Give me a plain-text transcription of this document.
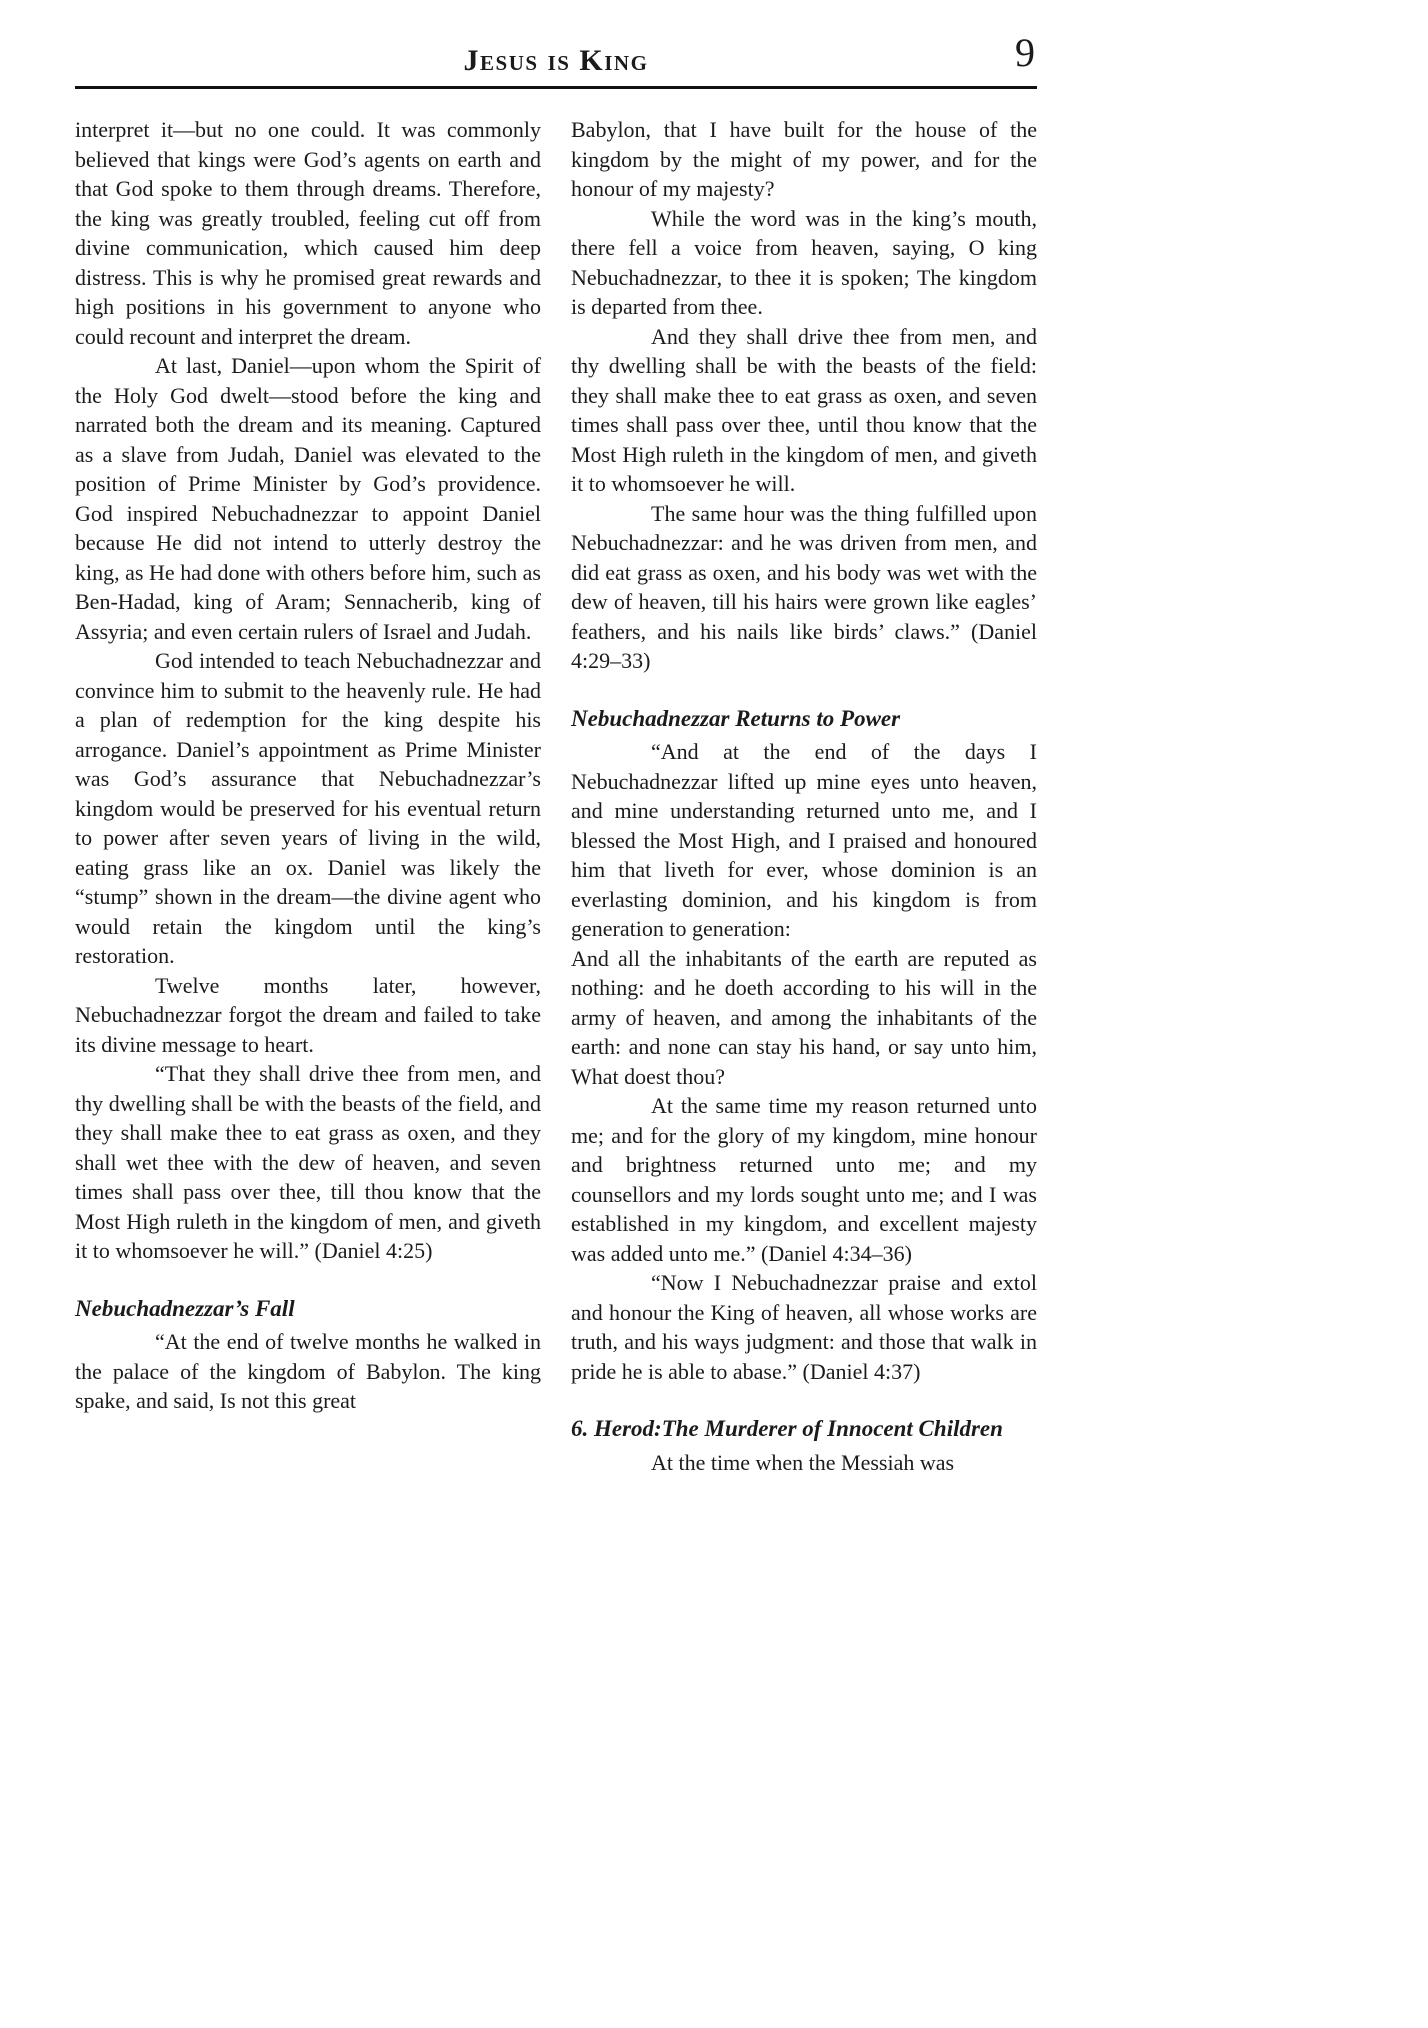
Jesus is King	9

interpret it—but no one could. It was commonly believed that kings were God’s agents on earth and that God spoke to them through dreams. Therefore, the king was greatly troubled, feeling cut off from divine communication, which caused him deep distress. This is why he promised great rewards and high positions in his government to anyone who could recount and interpret the dream.

At last, Daniel—upon whom the Spirit of the Holy God dwelt—stood before the king and narrated both the dream and its meaning. Captured as a slave from Judah, Daniel was elevated to the position of Prime Minister by God’s providence. God inspired Nebuchadnezzar to appoint Daniel because He did not intend to utterly destroy the king, as He had done with others before him, such as Ben-Hadad, king of Aram; Sennacherib, king of Assyria; and even certain rulers of Israel and Judah.

God intended to teach Nebuchadnezzar and convince him to submit to the heavenly rule. He had a plan of redemption for the king despite his arrogance. Daniel’s appointment as Prime Minister was God’s assurance that Nebuchadnezzar’s kingdom would be preserved for his eventual return to power after seven years of living in the wild, eating grass like an ox. Daniel was likely the “stump” shown in the dream—the divine agent who would retain the kingdom until the king’s restoration.

Twelve months later, however, Nebuchadnezzar forgot the dream and failed to take its divine message to heart.

“That they shall drive thee from men, and thy dwelling shall be with the beasts of the field, and they shall make thee to eat grass as oxen, and they shall wet thee with the dew of heaven, and seven times shall pass over thee, till thou know that the Most High ruleth in the kingdom of men, and giveth it to whomsoever he will.” (Daniel 4:25)

Nebuchadnezzar’s Fall

“At the end of twelve months he walked in the palace of the kingdom of Babylon. The king spake, and said, Is not this great

Babylon, that I have built for the house of the kingdom by the might of my power, and for the honour of my majesty?

While the word was in the king’s mouth, there fell a voice from heaven, saying, O king Nebuchadnezzar, to thee it is spoken; The kingdom is departed from thee.

And they shall drive thee from men, and thy dwelling shall be with the beasts of the field: they shall make thee to eat grass as oxen, and seven times shall pass over thee, until thou know that the Most High ruleth in the kingdom of men, and giveth it to whomsoever he will.

The same hour was the thing fulfilled upon Nebuchadnezzar: and he was driven from men, and did eat grass as oxen, and his body was wet with the dew of heaven, till his hairs were grown like eagles’ feathers, and his nails like birds’ claws.” (Daniel 4:29–33)

Nebuchadnezzar Returns to Power

“And at the end of the days I Nebuchadnezzar lifted up mine eyes unto heaven, and mine understanding returned unto me, and I blessed the Most High, and I praised and honoured him that liveth for ever, whose dominion is an everlasting dominion, and his kingdom is from generation to generation:

And all the inhabitants of the earth are reputed as nothing: and he doeth according to his will in the army of heaven, and among the inhabitants of the earth: and none can stay his hand, or say unto him, What doest thou?

At the same time my reason returned unto me; and for the glory of my kingdom, mine honour and brightness returned unto me; and my counsellors and my lords sought unto me; and I was established in my kingdom, and excellent majesty was added unto me.” (Daniel 4:34–36)

“Now I Nebuchadnezzar praise and extol and honour the King of heaven, all whose works are truth, and his ways judgment: and those that walk in pride he is able to abase.” (Daniel 4:37)

6. Herod:The Murderer of Innocent Children

At the time when the Messiah was
